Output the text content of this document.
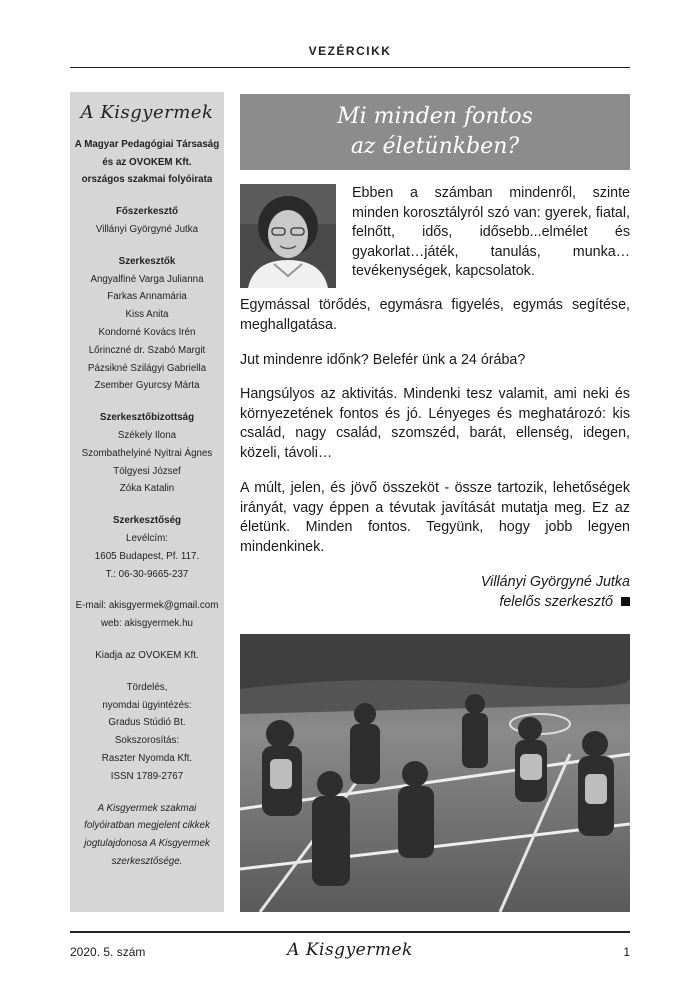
VEZÉRCIKK
A Kisgyermek
A Magyar Pedagógiai Társaság
és az OVOKEM Kft.
országos szakmai folyóirata
Főszerkesztő
Villányi Györgyné Jutka
Szerkesztők
Angyalfiné Varga Julianna
Farkas Annamária
Kiss Anita
Kondorné Kovács Irén
Lőrinczné dr. Szabó Margit
Pázsikné Szilágyi Gabriella
Zsember Gyurcsy Márta
Szerkesztőbizottság
Székely Ilona
Szombathelyiné Nyitrai Ágnes
Tölgyesi József
Zóka Katalin
Szerkesztőség
Levélcím:
1605 Budapest, Pf. 117.
T.: 06-30-9665-237
E-mail: akisgyermek@gmail.com
web: akisgyermek.hu
Kiadja az OVOKEM Kft.
Tördelés,
nyomdai ügyintézés:
Gradus Stúdió Bt.
Sokszorosítás:
Raszter Nyomda Kft.
ISSN 1789-2767
A Kisgyermek szakmai
folyóiratban megjelent cikkek
jogtulajdonosa A Kisgyermek
szerkesztősége.
Mi minden fontos
az életünkben?
Ebben a számban mindenről, szinte minden korosztályról szó van: gyerek, fiatal, felnőtt, idős, idősebb...elmélet és gyakorlat…játék, tanulás, munka…tevékenységek, kapcsolatok.
Egymással törődés, egymásra figyelés, egymás segítése, meghallgatása.
Jut mindenre időnk? Belefér ünk a 24 órába?
Hangsúlyos az aktivitás. Mindenki tesz valamit, ami neki és környezetének fontos és jó. Lényeges és meghatározó: kis család, nagy család, szomszéd, barát, ellenség, idegen, közeli, távoli…
A múlt, jelen, és jövő összeköt - össze tartozik, lehetőségek irányát, vagy éppen a tévutak javítását mutatja meg. Ez az életünk. Minden fontos. Tegyünk, hogy jobb legyen mindenkinek.
Villányi Györgyné Jutka
felelős szerkesztő
2020. 5. szám	A Kisgyermek	1
